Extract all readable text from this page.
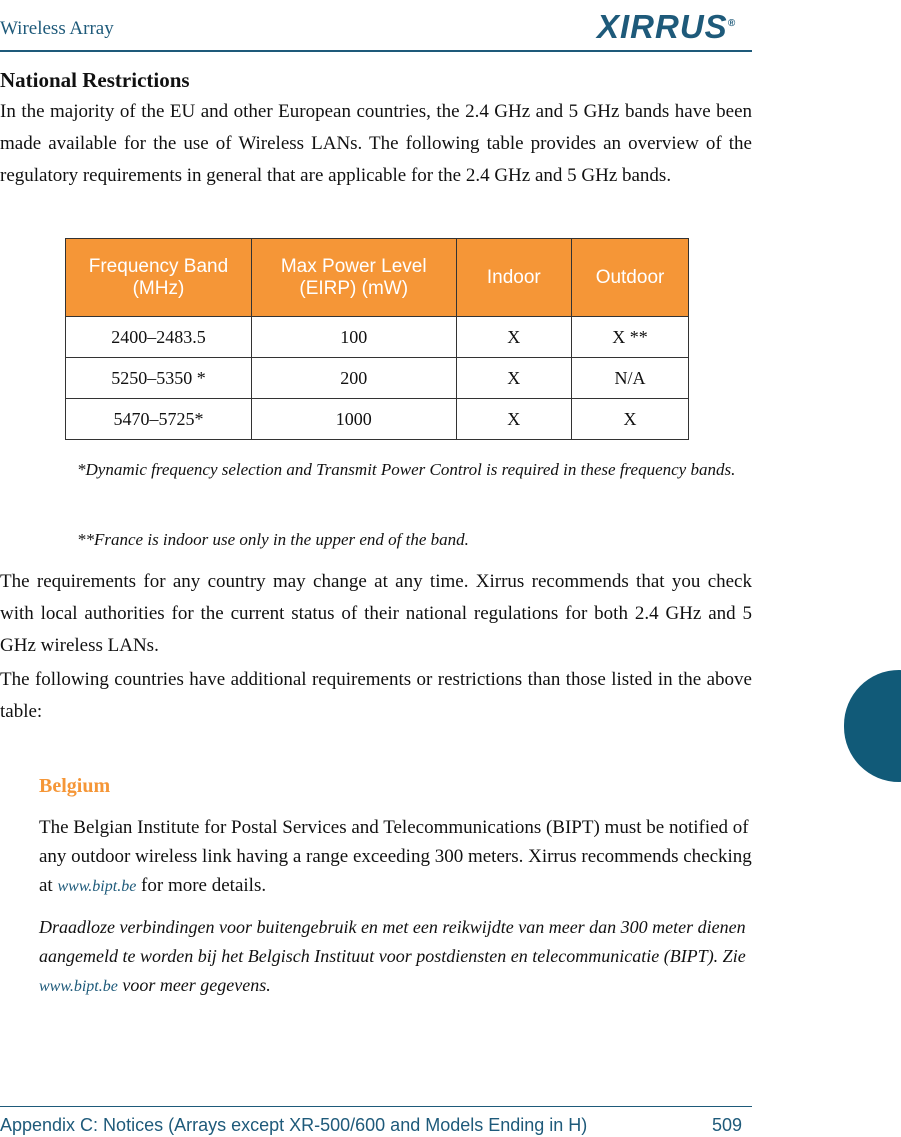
Wireless Array	XIRRUS®
National Restrictions
In the majority of the EU and other European countries, the 2.4 GHz and 5 GHz bands have been made available for the use of Wireless LANs. The following table provides an overview of the regulatory requirements in general that are applicable for the 2.4 GHz and 5 GHz bands.
Frequency Band (MHz)	Max Power Level (EIRP) (mW)	Indoor	Outdoor
2400–2483.5	100	X	X **
5250–5350 *	200	X	N/A
5470–5725*	1000	X	X
*Dynamic frequency selection and Transmit Power Control is required in these frequency bands.
**France is indoor use only in the upper end of the band.
The requirements for any country may change at any time. Xirrus recommends that you check with local authorities for the current status of their national regulations for both 2.4 GHz and 5 GHz wireless LANs.
The following countries have additional requirements or restrictions than those listed in the above table:
Belgium
The Belgian Institute for Postal Services and Telecommunications (BIPT) must be notified of any outdoor wireless link having a range exceeding 300 meters. Xirrus recommends checking at www.bipt.be for more details.
Draadloze verbindingen voor buitengebruik en met een reikwijdte van meer dan 300 meter dienen aangemeld te worden bij het Belgisch Instituut voor postdiensten en telecommunicatie (BIPT). Zie www.bipt.be voor meer gegevens.
Appendix C: Notices (Arrays except XR-500/600 and Models Ending in H)	509
